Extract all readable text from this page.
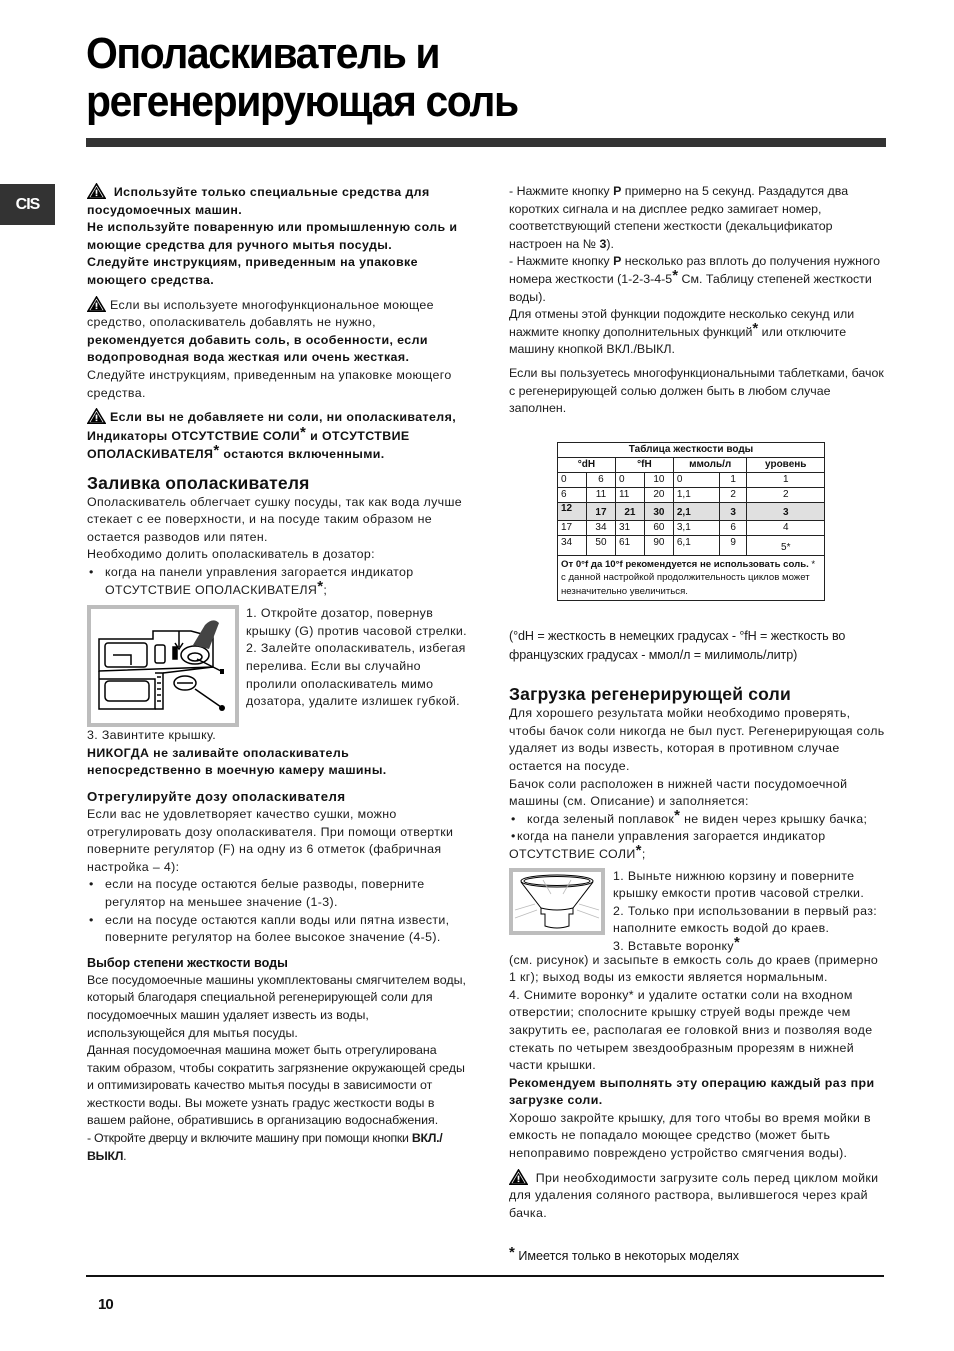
Ополаскиватель и
регенерирующая соль
CIS

Используйте только специальные средства для посудомоечных машин.

Не используйте поваренную или промышленную соль и моющие средства для ручного мытья посуды.

Следуйте инструкциям, приведенным на упаковке моющего средства.

Если вы используете многофункциональное моющее средство, ополаскиватель добавлять не нужно, рекомендуется добавить соль, в особенности, если водопроводная вода жесткая или очень жесткая.

Следуйте инструкциям, приведенным на упаковке моющего средства.

Если вы не добавляете ни соли, ни ополаскивателя, Индикаторы ОТСУТСТВИЕ СОЛИ* и ОТСУТСТВИЕ ОПОЛАСКИВАТЕЛЯ* остаются включенными.

Заливка ополаскивателя

Ополаскиватель облегчает сушку посуды, так как вода лучше стекает с ее поверхности, и на посуде таким образом не остается разводов или пятен.

Необходимо долить ополаскиватель в дозатор:

• когда на панели управления загорается индикатор ОТСУТСТВИЕ ОПОЛАСКИВАТЕЛЯ*;

1. Откройте дозатор, повернув крышку (G) против часовой стрелки.

2. Залейте ополаскиватель, избегая перелива. Если вы случайно пролили ополаскиватель мимо дозатора, удалите излишек губкой.

3. Завинтите крышку.

НИКОГДА не заливайте ополаскиватель непосредственно в моечную камеру машины.

Отрегулируйте дозу ополаскивателя

Если вас не удовлетворяет качество сушки, можно отрегулировать дозу ополаскивателя. При помощи отвертки поверните регулятор (F) на одну из 6 отметок (фабричная настройка – 4):

• если на посуде остаются белые разводы, поверните регулятор на меньшее значение (1-3).

• если на посуде остаются капли воды или пятна извести, поверните регулятор на более высокое значение (4-5).

Выбор степени жесткости воды

Все посудомоечные машины укомплектованы смягчителем воды, который благодаря специальной регенерирующей соли для посудомоечных машин удаляет известь из воды, использующейся для мытья посуды.

Данная посудомоечная машина может быть отрегулирована таким образом, чтобы сократить загрязнение окружающей среды и оптимизировать качество мытья посуды в зависимости от жесткости воды. Вы можете узнать градус жесткости воды в вашем районе, обратившись в организацию водоснабжения.

- Откройте дверцу и включите машину при помощи кнопки ВКЛ./ВЫКЛ.

- Нажмите кнопку P примерно на 5 секунд. Раздадутся два коротких сигнала и на дисплее редко замигает номер, соответствующий степени жесткости (декальцификатор настроен на № 3).

- Нажмите кнопку P несколько раз вплоть до получения нужного номера жесткости (1-2-3-4-5* См. Таблицу степеней жесткости воды).

Для отмены этой функции подождите несколько секунд или нажмите кнопку дополнительных функций* или отключите машину кнопкой ВКЛ./ВЫКЛ.

Если вы пользуетесь многофункциональными таблетками, бачок с регенерирующей солью должен быть в любом случае заполнен.

Таблица жесткости воды						
°dH		°fH		ммоль/л		уровень
0	6	0	10	0	1	1
6	11	11	20	1,1	2	2
12	17	21	30	2,1	3	3
17	34	31	60	3,1	6	4
34	50	61	90	6,1	9	5*
От 0°f да 10°f рекомендуется не использовать соль. * с данной настройкой продолжительность циклов может незначительно увеличиться.						

(°dH = жесткость в немецких градусах - °fH = жесткость во французских градусах - ммол/л = милимоль/литр)

Загрузка регенерирующей соли

Для хорошего результата мойки необходимо проверять, чтобы бачок соли никогда не был пуст. Регенерирующая соль удаляет из воды известь, которая в противном случае остается на посуде.

Бачок соли расположен в нижней части посудомоечной машины (см. Описание) и заполняется:

• когда зеленый поплавок* не виден через крышку бачка;

• когда на панели управления загорается индикатор ОТСУТСТВИЕ СОЛИ*;

1. Выньте нижнюю корзину и поверните крышку емкости против часовой стрелки.

2. Только при использовании в первый раз: наполните емкость водой до краев.

3. Вставьте воронку*

(см. рисунок) и засыпьте в емкость соль до краев (примерно 1 кг); выход воды из емкости является нормальным.

4. Снимите воронку* и удалите остатки соли на входном отверстии; сполосните крышку струей воды прежде чем закрутить ее, располагая ее головкой вниз и позволяя воде стекать по четырем звездообразным прорезям в нижней части крышки.

Рекомендуем выполнять эту операцию каждый раз при загрузке соли.

Хорошо закройте крышку, для того чтобы во время мойки в емкость не попадало моющее средство (может быть непоправимо повреждено устройство смягчения воды).

При необходимости загрузите соль перед циклом мойки для удаления соляного раствора, вылившегося через край бачка.

* Имеется только в некоторых моделях
10
